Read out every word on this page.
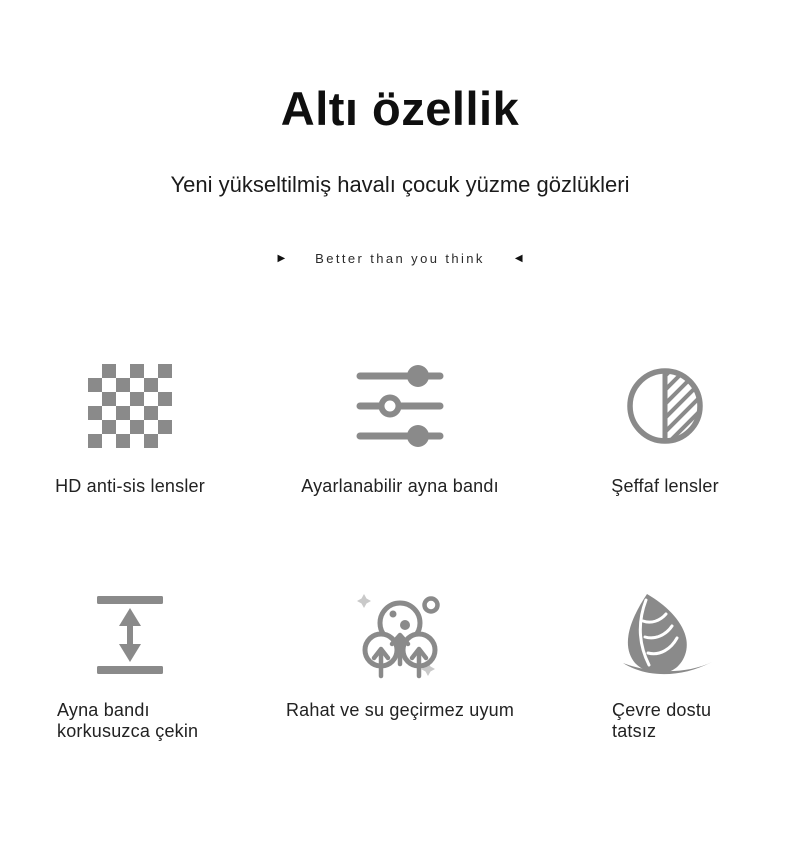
Altı özellik
Yeni yükseltilmiş havalı çocuk yüzme gözlükleri
▶ Better than you think	◀
HD anti-sis lensler	Ayarlanabilir ayna bandı	Şeffaf lensler
Ayna bandı
korkusuzca çekin
Rahat ve su geçirmez uyum	Çevre dostu
tatsız
